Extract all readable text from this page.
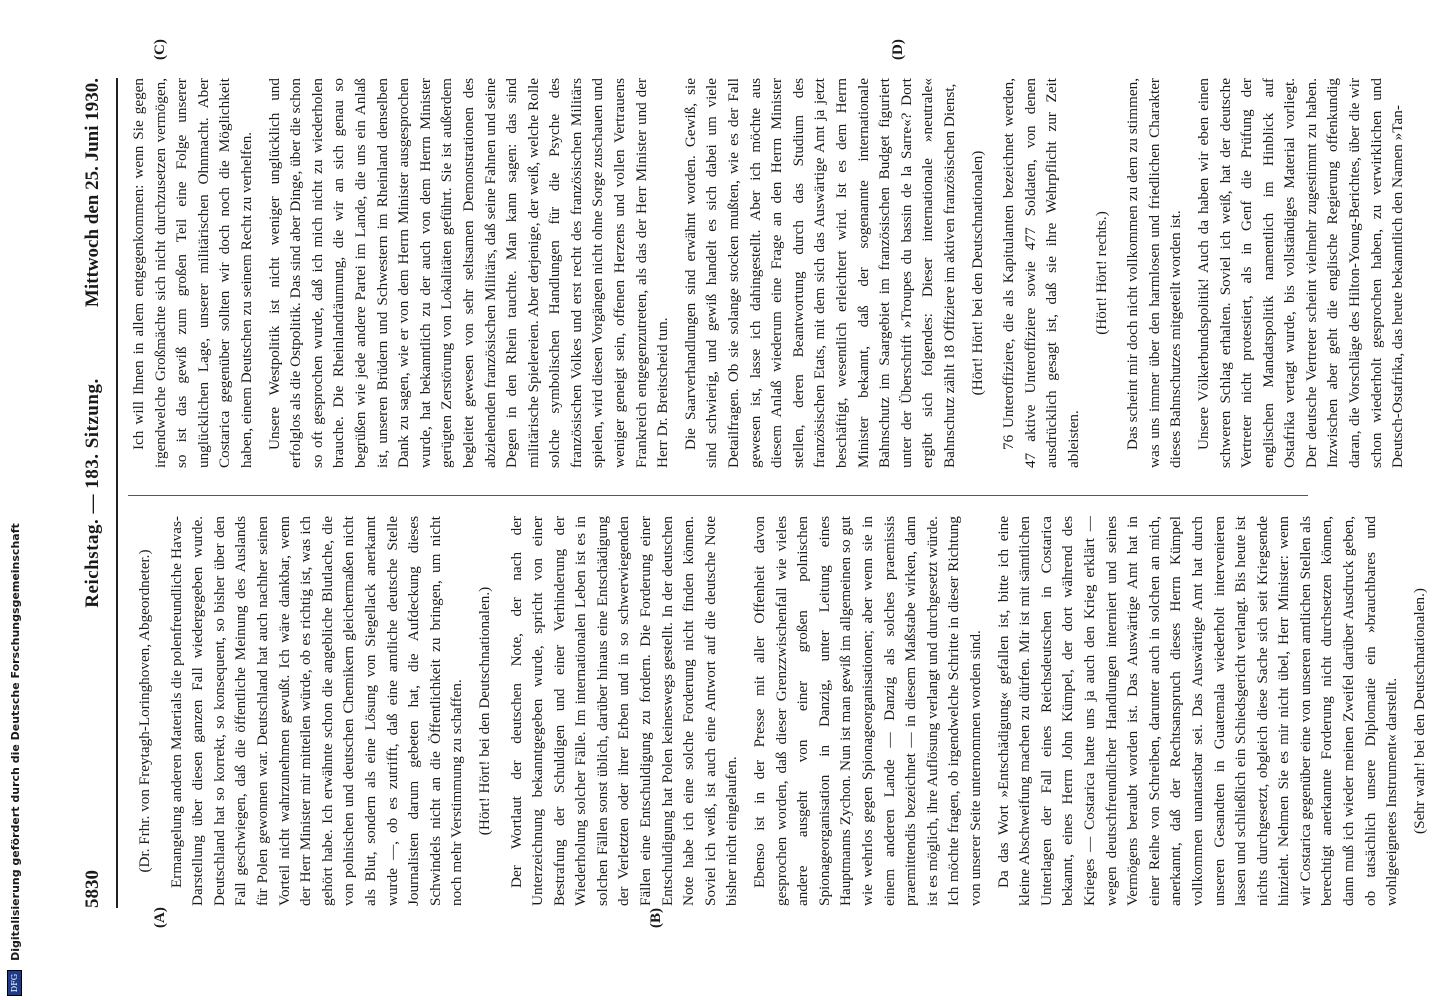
5830
Reichstag. — 183. Sitzung.
Mittwoch den 25. Juni 1930.
(A)	(B)
(C)	(D)

(Dr. Frhr. von Freytagh-Loringhoven, Abgeordneter.) Ermangelung anderen Materials die polenfreundliche Havas-Darstellung über diesen ganzen Fall wiedergegeben wurde. Deutschland hat so korrekt, so konsequent, so bisher über den Fall geschwiegen, daß die öffentliche Meinung des Auslands für Polen gewonnen war. Deutschland hat auch nachher seinen Vorteil nicht wahrzunehmen gewußt. Ich wäre dankbar, wenn der Herr Minister mir mitteilen würde, ob es richtig ist, was ich gehört habe. Ich erwähnte schon die angebliche Blutlache, die von polnischen und deutschen Chemikern gleichermaßen nicht als Blut, sondern als eine Lösung von Siegellack anerkannt wurde —, ob es zutrifft, daß eine amtliche deutsche Stelle Journalisten darum gebeten hat, die Aufdeckung dieses Schwindels nicht an die Öffentlichkeit zu bringen, um nicht noch mehr Verstimmung zu schaffen. (Hört! Hört! bei den Deutschnationalen.) Der Wortlaut der deutschen Note, der nach der Unterzeichnung bekanntgegeben wurde, spricht von einer Bestrafung der Schuldigen und einer Verhinderung der Wiederholung solcher Fälle. Im internationalen Leben ist es in solchen Fällen sonst üblich, darüber hinaus eine Entschädigung der Verletzten oder ihrer Erben und in so schwerwiegenden Fällen eine Entschuldigung zu fordern. Die Forderung einer Entschuldigung hat Polen keineswegs gestellt. In der deutschen Note habe ich eine solche Forderung nicht finden können. Soviel ich weiß, ist auch eine Antwort auf die deutsche Note bisher nicht eingelaufen. Ebenso ist in der Presse mit aller Offenheit davon gesprochen worden, daß dieser Grenzzwischenfall wie vieles andere ausgeht von einer großen polnischen Spionageorganisation in Danzig, unter Leitung eines Hauptmanns Zychon. Nun ist man gewiß im allgemeinen so gut wie wehrlos gegen Spionageorganisationen; aber wenn sie in einem anderen Lande — Danzig als solches praemissis praemittendis bezeichnet — in diesem Maßstabe wirken, dann ist es möglich, ihre Auflösung verlangt und durchgesetzt würde. Ich möchte fragen, ob irgendwelche Schritte in dieser Richtung von unserer Seite unternommen worden sind. Da das Wort »Entschädigung« gefallen ist, bitte ich eine kleine Abschweifung machen zu dürfen. Mir ist mit sämtlichen Unterlagen der Fall eines Reichsdeutschen in Costarica bekannt, eines Herrn John Kümpel, der dort während des Krieges — Costarica hatte uns ja auch den Krieg erklärt — wegen deutschfreundlicher Handlungen interniert und seines Vermögens beraubt worden ist. Das Auswärtige Amt hat in einer Reihe von Schreiben, darunter auch in solchen an mich, anerkannt, daß der Rechtsanspruch dieses Herrn Kümpel vollkommen unantastbar sei. Das Auswärtige Amt hat durch unseren Gesandten in Guatemala wiederholt intervenieren lassen und schließlich ein Schiedsgericht verlangt. Bis heute ist nichts durchgesetzt, obgleich diese Sache sich seit Kriegsende hinzieht. Nehmen Sie es mir nicht übel, Herr Minister: wenn wir Costarica gegenüber eine von unseren amtlichen Stellen als berechtigt anerkannte Forderung nicht durchsetzen können, dann muß ich wieder meinen Zweifel darüber Ausdruck geben, ob tatsächlich unsere Diplomatie ein »brauchbares und wohlgeeignetes Instrument« darstellt. (Sehr wahr! bei den Deutschnationalen.)

Ich will Ihnen in allem entgegenkommen: wenn Sie gegen irgendwelche Großmächte sich nicht durchzusetzen vermögen, so ist das gewiß zum großen Teil eine Folge unserer unglücklichen Lage, unserer militärischen Ohnmacht. Aber Costarica gegenüber sollten wir doch noch die Möglichkeit haben, einem Deutschen zu seinem Recht zu verhelfen. Unsere Westpolitik ist nicht weniger unglücklich und erfolglos als die Ostpolitik. Das sind aber Dinge, über die schon so oft gesprochen wurde, daß ich mich nicht zu wiederholen brauche. Die Rheinlandräumung, die wir an sich genau so begrüßen wie jede andere Partei im Lande, die uns ein Anlaß ist, unseren Brüdern und Schwestern im Rheinland denselben Dank zu sagen, wie er von dem Herrn Minister ausgesprochen wurde, hat bekanntlich zu der auch von dem Herrn Minister gerügten Zerstörung von Lokalitäten geführt. Sie ist außerdem begleitet gewesen von sehr seltsamen Demonstrationen des abziehenden französischen Militärs, daß seine Fahnen und seine Degen in den Rhein tauchte. Man kann sagen: das sind militärische Spielereien. Aber derjenige, der weiß, welche Rolle solche symbolischen Handlungen für die Psyche des französischen Volkes und erst recht des französischen Militärs spielen, wird diesen Vorgängen nicht ohne Sorge zuschauen und weniger geneigt sein, offenen Herzens und vollen Vertrauens Frankreich entgegenzutreten, als das der Herr Minister und der Herr Dr. Breitscheid tun. Die Saarverhandlungen sind erwähnt worden. Gewiß, sie sind schwierig, und gewiß handelt es sich dabei um viele Detailfragen. Ob sie solange stocken mußten, wie es der Fall gewesen ist, lasse ich dahingestellt. Aber ich möchte aus diesem Anlaß wiederum eine Frage an den Herrn Minister stellen, deren Beantwortung durch das Studium des französischen Etats, mit dem sich das Auswärtige Amt ja jetzt beschäftigt, wesentlich erleichtert wird. Ist es dem Herrn Minister bekannt, daß der sogenannte internationale Bahnschutz im Saargebiet im französischen Budget figuriert unter der Überschrift »Troupes du bassin de la Sarre«? Dort ergibt sich folgendes: Dieser internationale »neutrale« Bahnschutz zählt 18 Offiziere im aktiven französischen Dienst, (Hört! Hört! bei den Deutschnationalen) 76 Unteroffiziere, die als Kapitulanten bezeichnet werden, 47 aktive Unteroffiziere sowie 477 Soldaten, von denen ausdrücklich gesagt ist, daß sie ihre Wehrpflicht zur Zeit ableisten.

(Hört! Hört! rechts.) Das scheint mir doch nicht vollkommen zu dem zu stimmen, was uns immer über den harmlosen und friedlichen Charakter dieses Bahnschutzes mitgeteilt worden ist. Unsere Völkerbundspolitik! Auch da haben wir eben einen schweren Schlag erhalten. Soviel ich weiß, hat der deutsche Vertreter nicht protestiert, als in Genf die Prüfung der englischen Mandatspolitik namentlich im Hinblick auf Ostafrika vertagt wurde, bis vollständiges Material vorliegt. Der deutsche Vertreter scheint vielmehr zugestimmt zu haben. Inzwischen aber geht die englische Regierung offenkundig daran, die Vorschläge des Hilton-Young-Berichtes, über die wir schon wiederholt gesprochen haben, zu verwirklichen und Deutsch-Ostafrika, das heute bekanntlich den Namen »Tan-

DFG Digitalisierung gefördert durch die Deutsche Forschungsgemeinschaft
